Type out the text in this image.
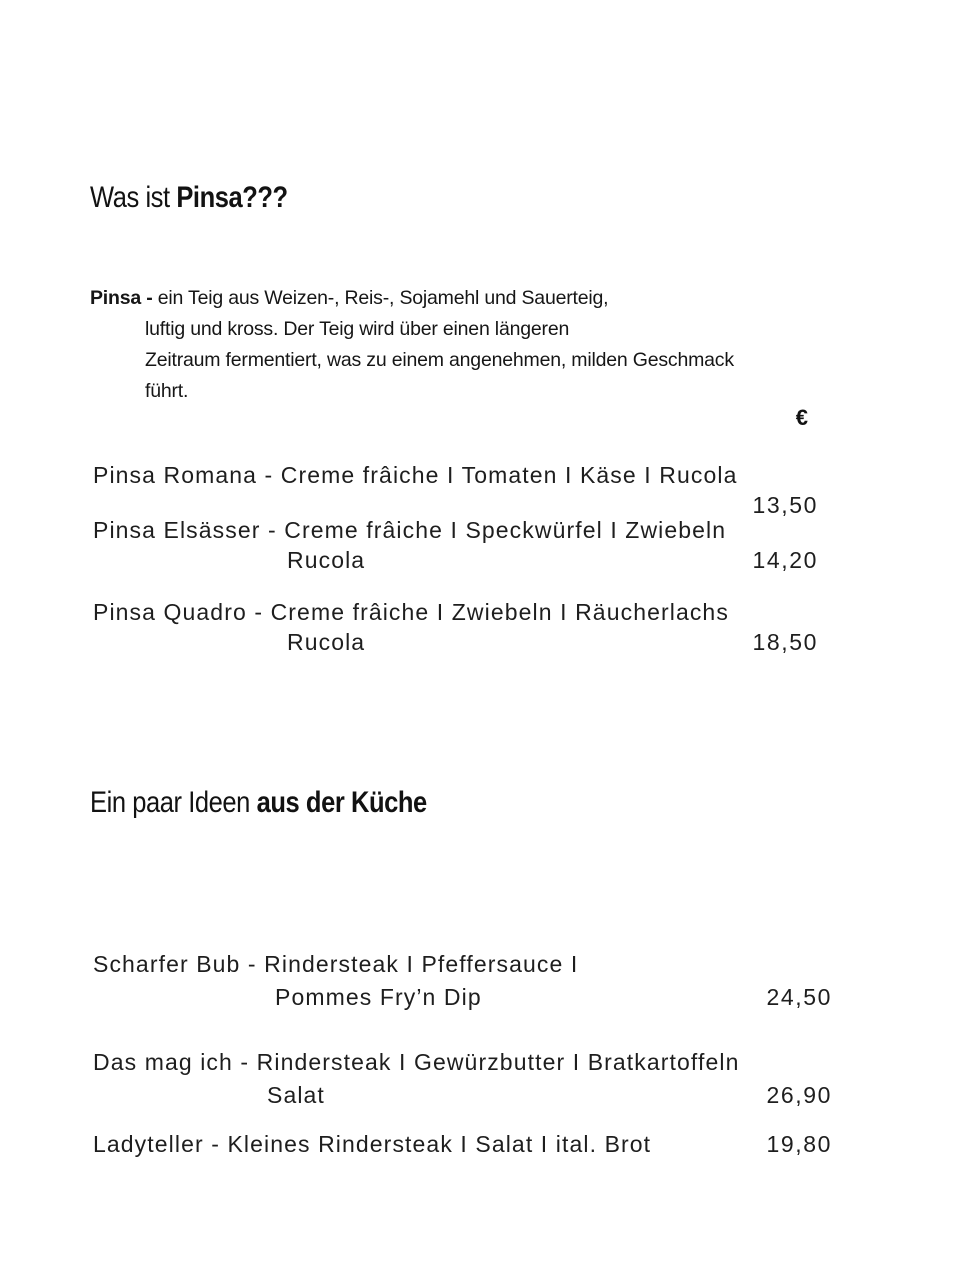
Was ist Pinsa???

Pinsa - ein Teig aus Weizen-, Reis-, Sojamehl und Sauerteig,

luftig und kross. Der Teig wird über einen längeren

Zeitraum fermentiert, was zu einem angenehmen, milden Geschmack

führt.

€
Pinsa Romana - Creme frâiche I Tomaten I Käse I Rucola
13,50
Pinsa Elsässer - Creme frâiche I Speckwürfel I Zwiebeln
Rucola	14,20
Pinsa Quadro - Creme frâiche I Zwiebeln I Räucherlachs
Rucola	18,50
Ein paar Ideen aus der Küche
Scharfer Bub - Rindersteak I Pfeffersauce I
Pommes Fry’n Dip	24,50
Das mag ich - Rindersteak I Gewürzbutter I Bratkartoffeln
Salat	26,90
Ladyteller - Kleines Rindersteak I Salat I ital. Brot	19,80
